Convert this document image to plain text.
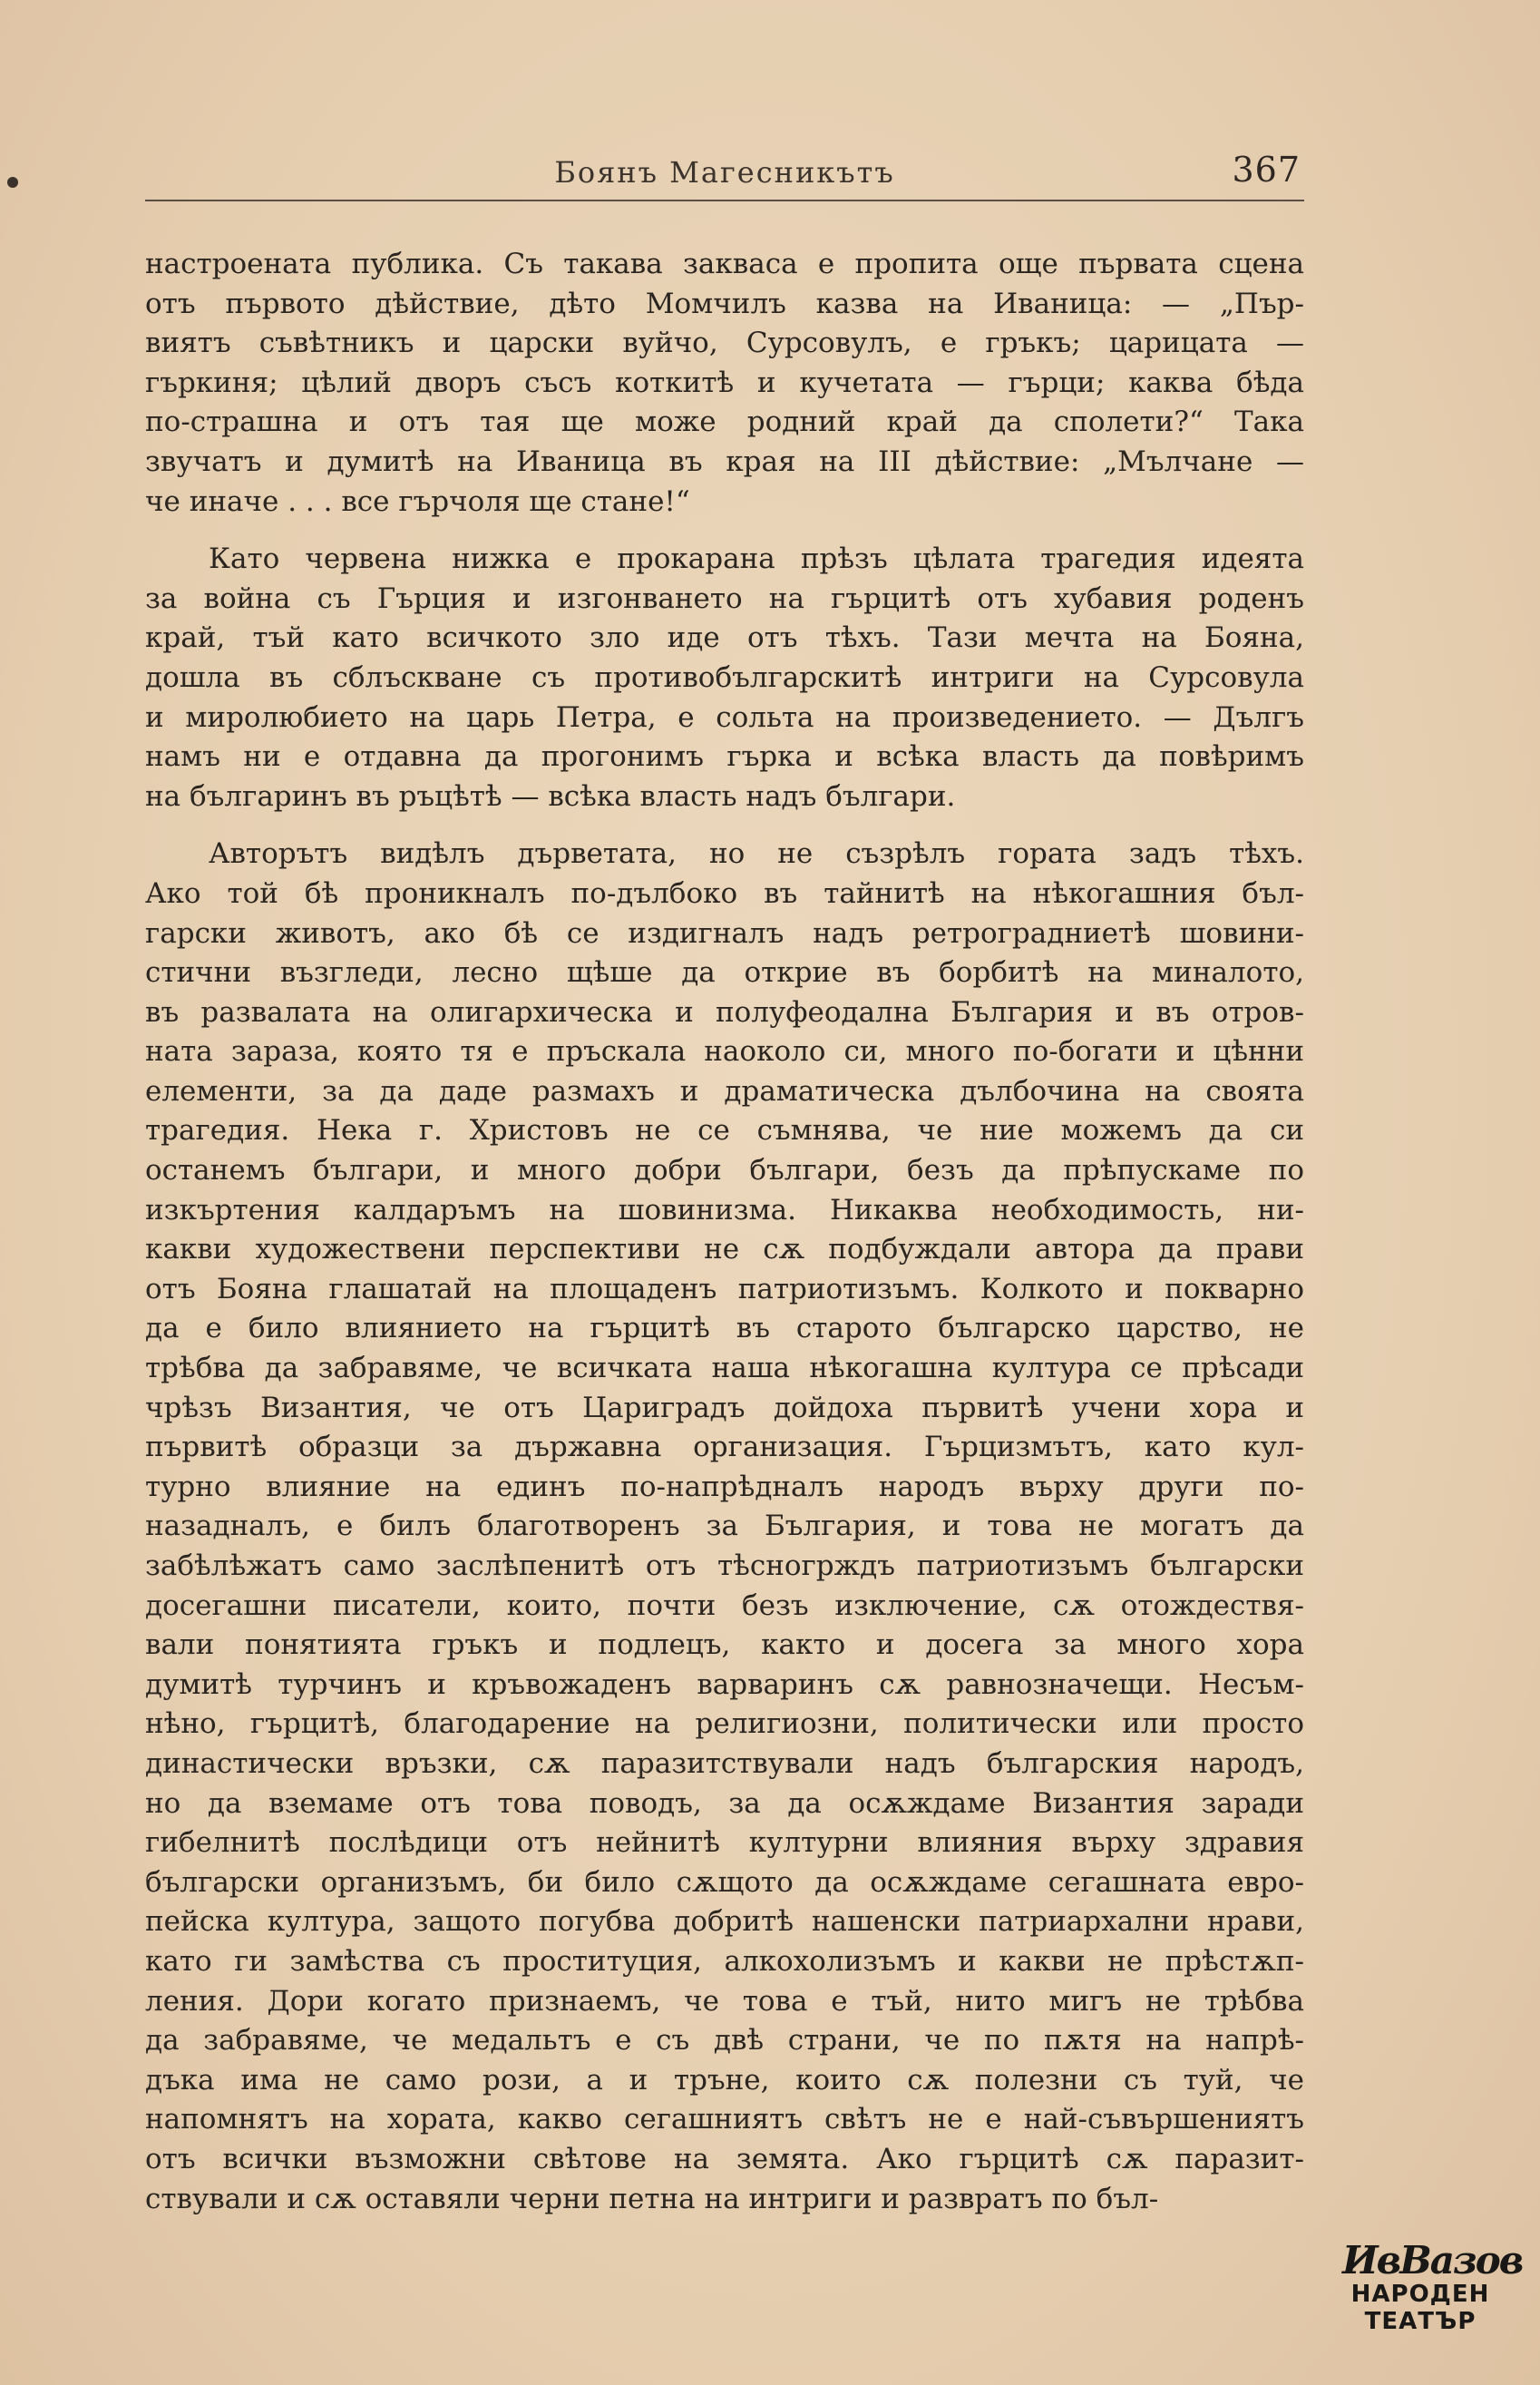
Боянъ Магесникътъ	367
настроената публика. Съ такава закваса е пропита още първата сцена
отъ първото дѣйствие, дѣто Момчилъ казва на Иваница: — „Пър-
виятъ съвѣтникъ и царски вуйчо, Сурсовулъ, е гръкъ; царицата —
гъркиня; цѣлий дворъ съсъ коткитѣ и кучетата — гърци; каква бѣда
по-страшна и отъ тая ще може родний край да сполети?“ Така
звучатъ и думитѣ на Иваница въ края на III дѣйствие: „Мълчане —
че иначе . . . все гърчоля ще стане!“
Като червена нижка е прокарана прѣзъ цѣлата трагедия идеята
за война съ Гърция и изгонването на гърцитѣ отъ хубавия роденъ
край, тъй като всичкото зло иде отъ тѣхъ. Тази мечта на Бояна,
дошла въ сблъскване съ противобългарскитѣ интриги на Сурсовула
и миролюбието на царь Петра, е сольта на произведението. — Дългъ
намъ ни е отдавна да прогонимъ гърка и всѣка власть да повѣримъ
на българинъ въ ръцѣтѣ — всѣка власть надъ българи.
Авторътъ видѣлъ дърветата, но не съзрѣлъ гората задъ тѣхъ.
Ако той бѣ проникналъ по-дълбоко въ тайнитѣ на нѣкогашния бъл-
гарски животъ, ако бѣ се издигналъ надъ ретроградниетѣ шовини-
стични възгледи, лесно щѣше да открие въ борбитѣ на миналото,
въ развалата на олигархическа и полуфеодална България и въ отров-
ната зараза, която тя е пръскала наоколо си, много по-богати и цѣнни
елементи, за да даде размахъ и драматическа дълбочина на своята
трагедия. Нека г. Христовъ не се съмнява, че ние можемъ да си
останемъ българи, и много добри българи, безъ да прѣпускаме по
изкъртения калдаръмъ на шовинизма. Никаква необходимость, ни-
какви художествени перспективи не сѫ подбуждали автора да прави
отъ Бояна глашатай на площаденъ патриотизъмъ. Колкото и покварно
да е било влиянието на гърцитѣ въ старото българско царство, не
трѣбва да забравяме, че всичката наша нѣкогашна култура се прѣсади
чрѣзъ Византия, че отъ Цариградъ дойдоха първитѣ учени хора и
първитѣ образци за държавна организация. Гърцизмътъ, като кул-
турно влияние на единъ по-напрѣдналъ народъ върху други по-
назадналъ, е билъ благотворенъ за България, и това не могатъ да
забѣлѣжатъ само заслѣпенитѣ отъ тѣсногрждъ патриотизъмъ български
досегашни писатели, които, почти безъ изключение, сѫ отождествя-
вали понятията гръкъ и подлецъ, както и досега за много хора
думитѣ турчинъ и кръвожаденъ варваринъ сѫ равнозначещи. Несъм-
нѣно, гърцитѣ, благодарение на религиозни, политически или просто
династически връзки, сѫ паразитствували надъ българския народъ,
но да вземаме отъ това поводъ, за да осѫждаме Византия заради
гибелнитѣ послѣдици отъ нейнитѣ културни влияния върху здравия
български организъмъ, би било сѫщото да осѫждаме сегашната евро-
пейска култура, защото погубва добритѣ нашенски патриархални нрави,
като ги замѣства съ проституция, алкохолизъмъ и какви не прѣстѫп-
ления. Дори когато признаемъ, че това е тъй, нито мигъ не трѣбва
да забравяме, че медальтъ е съ двѣ страни, че по пѫтя на напрѣ-
дъка има не само рози, а и трънe, които сѫ полезни съ туй, че
напомнятъ на хората, какво сегашниятъ свѣтъ не е най-съвършениятъ
отъ всички възможни свѣтове на земята. Ако гърцитѣ сѫ паразит-
ствували и сѫ оставяли черни петна на интриги и развратъ по бъл-
ИвВазов
НАРОДЕН
ТЕАТЪР
